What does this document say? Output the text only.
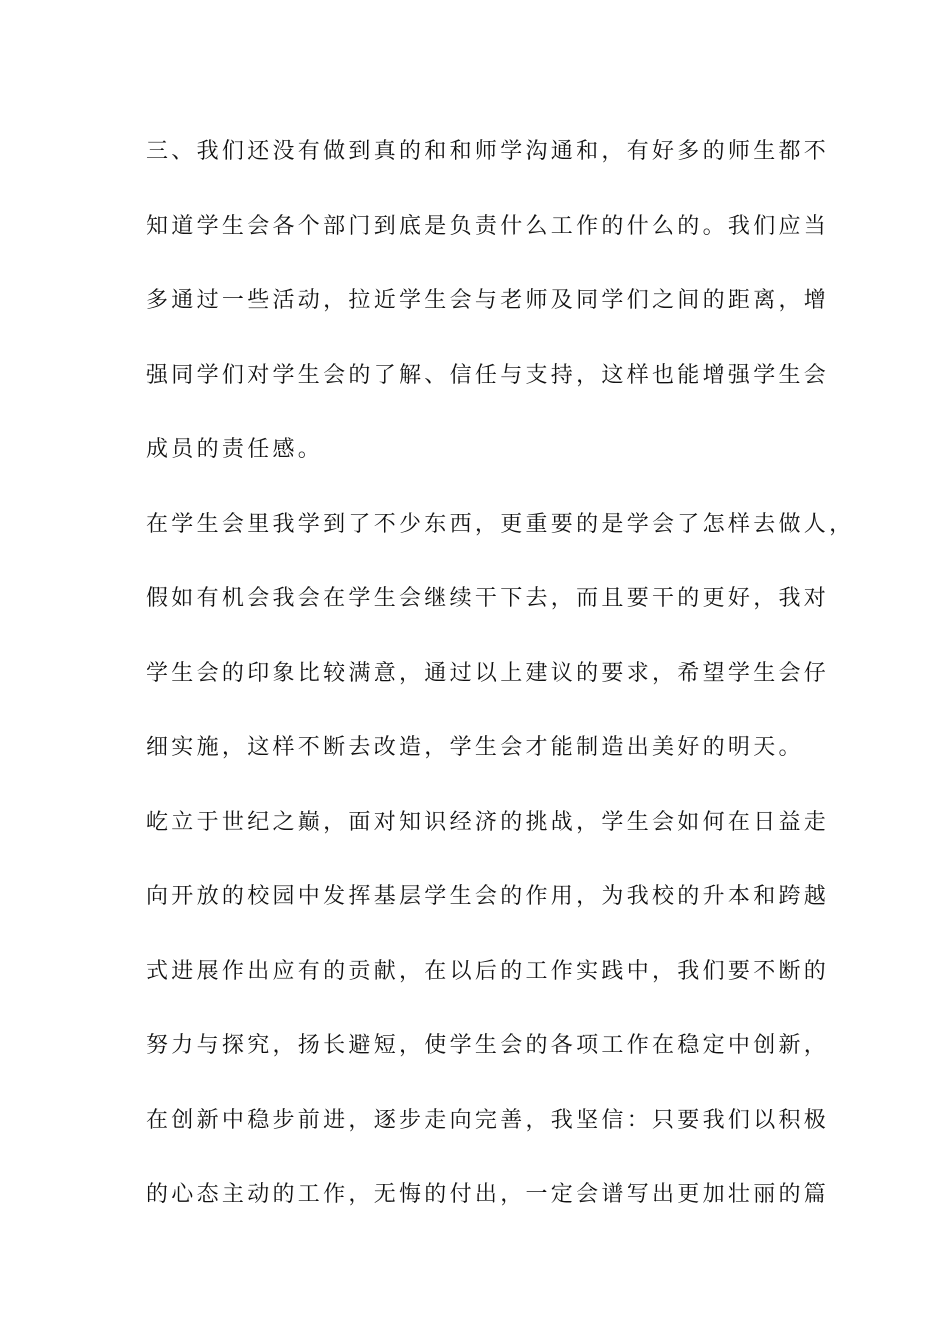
三、我们还没有做到真的和和师学沟通和，有好多的师生都不
知道学生会各个部门到底是负责什么工作的什么的。我们应当
多通过一些活动，拉近学生会与老师及同学们之间的距离，增
强同学们对学生会的了解、信任与支持，这样也能增强学生会
成员的责任感。
在学生会里我学到了不少东西，更重要的是学会了怎样去做人，
假如有机会我会在学生会继续干下去，而且要干的更好，我对
学生会的印象比较满意，通过以上建议的要求，希望学生会仔
细实施，这样不断去改造，学生会才能制造出美好的明天。
屹立于世纪之巅，面对知识经济的挑战，学生会如何在日益走
向开放的校园中发挥基层学生会的作用，为我校的升本和跨越
式进展作出应有的贡献，在以后的工作实践中，我们要不断的
努力与探究，扬长避短，使学生会的各项工作在稳定中创新，
在创新中稳步前进，逐步走向完善，我坚信：只要我们以积极
的心态主动的工作，无悔的付出，一定会谱写出更加壮丽的篇
